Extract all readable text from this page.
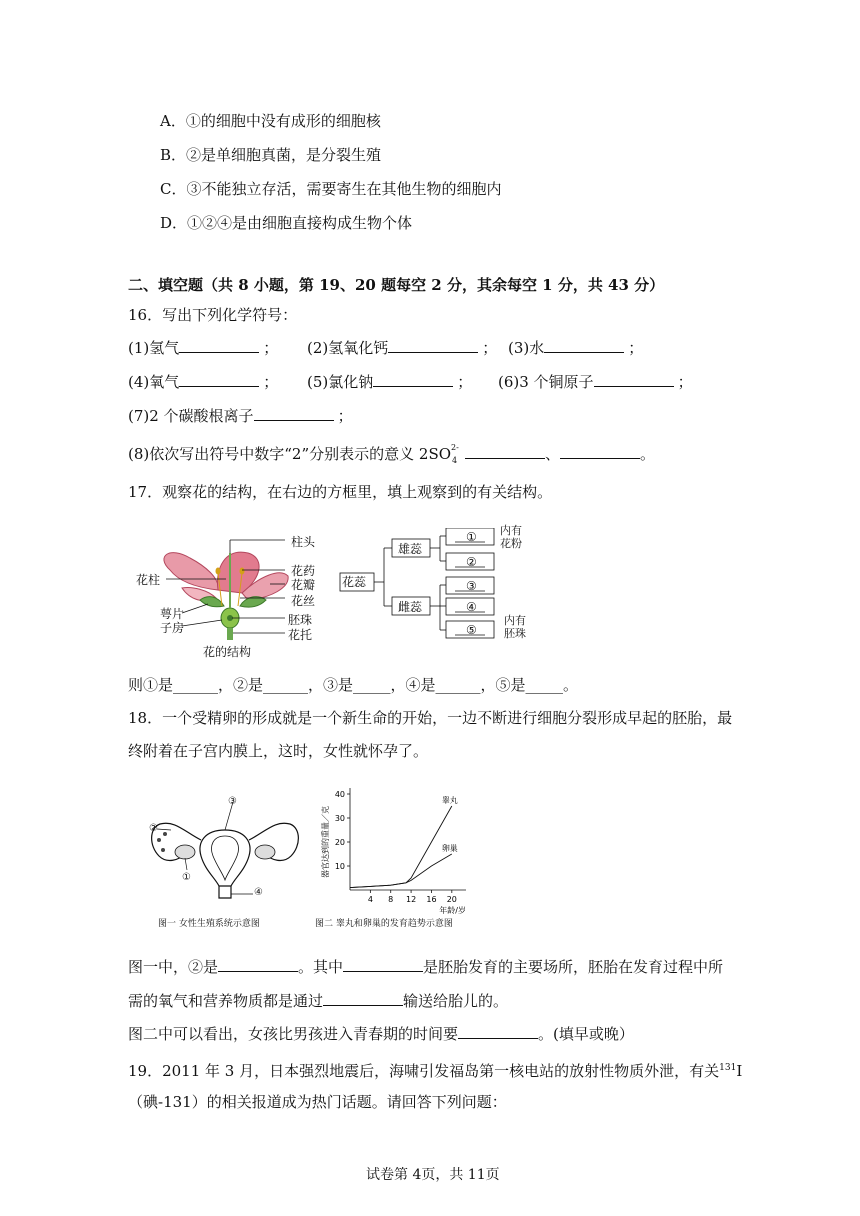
A．①的细胞中没有成形的细胞核
B．②是单细胞真菌，是分裂生殖
C．③不能独立存活，需要寄生在其他生物的细胞内
D．①②④是由细胞直接构成生物个体
二、填空题（共 8 小题，第 19、20 题每空 2 分，其余每空 1 分，共 43 分）
16．写出下列化学符号：
(1)氢气	； (2)氢氧化钙	； (3)水	；
(4)氧气	； (5)氯化钠	； (6)3 个铜原子	；
(7)2 个碳酸根离子	；
(8)依次写出符号中数字“2”分别表示的意义 2SO 2-
4	、	。
17．观察花的结构，在右边的方框里，填上观察到的有关结构。
柱头
花药
花瓣
花丝
胚珠
花托
花柱
萼片
子房
花的结构
花蕊
雄蕊
雌蕊
①
②
③
④
⑤
内有
花粉
内有
胚珠
则①是______，②是______，③是_____，④是______，⑤是_____。
18．一个受精卵的形成就是一个新生命的开始，一边不断进行细胞分裂形成早起的胚胎，最
终附着在子宫内膜上，这时，女性就怀孕了。
③
②
①
④
图一 女性生殖系统示意图
10
20
30
40
4 8 12 16 20
年龄/岁
器官达到的重量／克
睾丸
卵巢
图二 睾丸和卵巢的发育趋势示意图
图一中，②是	。其中	是胚胎发育的主要场所，胚胎在发育过程中所
需的氧气和营养物质都是通过	输送给胎儿的。
图二中可以看出，女孩比男孩进入青春期的时间要	。(填早或晚）
19．2011 年 3 月，日本强烈地震后，海啸引发福岛第一核电站的放射性物质外泄，有关$^{131}$I
（碘-131）的相关报道成为热门话题。请回答下列问题：
试卷第 4页，共 11页
